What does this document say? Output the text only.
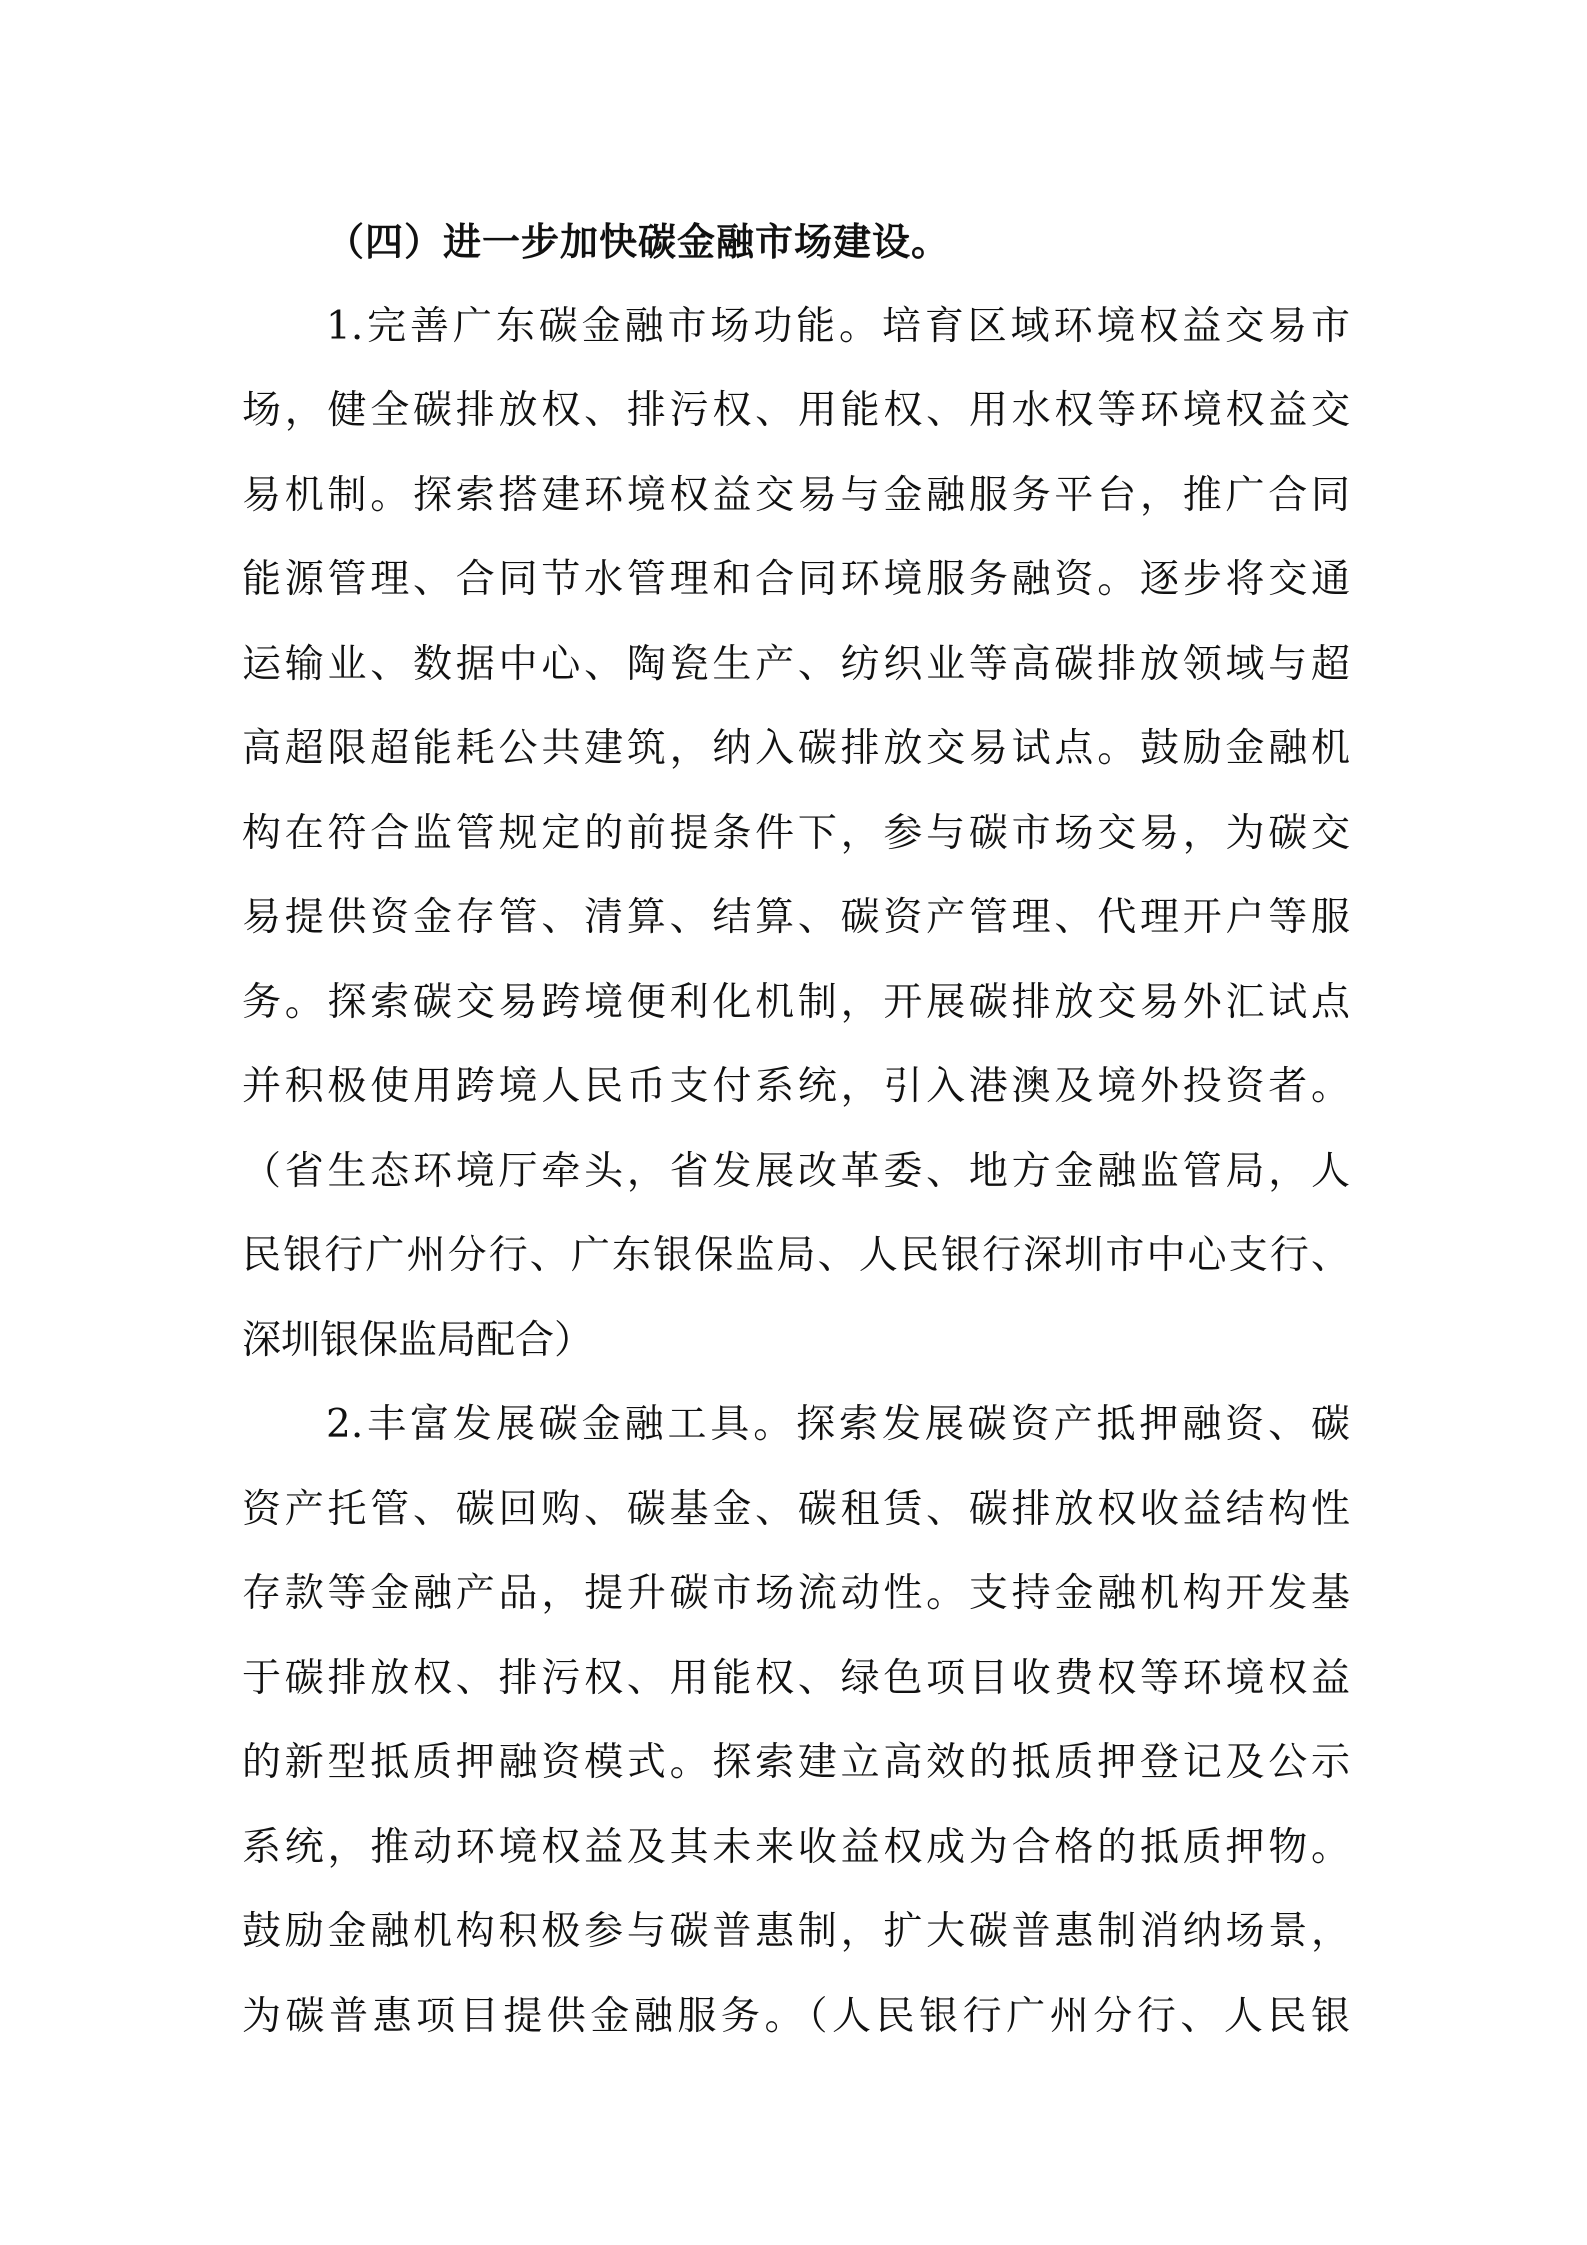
（四）进一步加快碳金融市场建设。
1.完善广东碳金融市场功能。培育区域环境权益交易市
场，健全碳排放权、排污权、用能权、用水权等环境权益交
易机制。探索搭建环境权益交易与金融服务平台，推广合同
能源管理、合同节水管理和合同环境服务融资。逐步将交通
运输业、数据中心、陶瓷生产、纺织业等高碳排放领域与超
高超限超能耗公共建筑，纳入碳排放交易试点。鼓励金融机
构在符合监管规定的前提条件下，参与碳市场交易，为碳交
易提供资金存管、清算、结算、碳资产管理、代理开户等服
务。探索碳交易跨境便利化机制，开展碳排放交易外汇试点
并积极使用跨境人民币支付系统，引入港澳及境外投资者。
（省生态环境厅牵头，省发展改革委、地方金融监管局，人
民银行广州分行、广东银保监局、人民银行深圳市中心支行、
深圳银保监局配合）
2.丰富发展碳金融工具。探索发展碳资产抵押融资、碳
资产托管、碳回购、碳基金、碳租赁、碳排放权收益结构性
存款等金融产品，提升碳市场流动性。支持金融机构开发基
于碳排放权、排污权、用能权、绿色项目收费权等环境权益
的新型抵质押融资模式。探索建立高效的抵质押登记及公示
系统，推动环境权益及其未来收益权成为合格的抵质押物。
鼓励金融机构积极参与碳普惠制，扩大碳普惠制消纳场景，
为碳普惠项目提供金融服务。（人民银行广州分行、人民银
